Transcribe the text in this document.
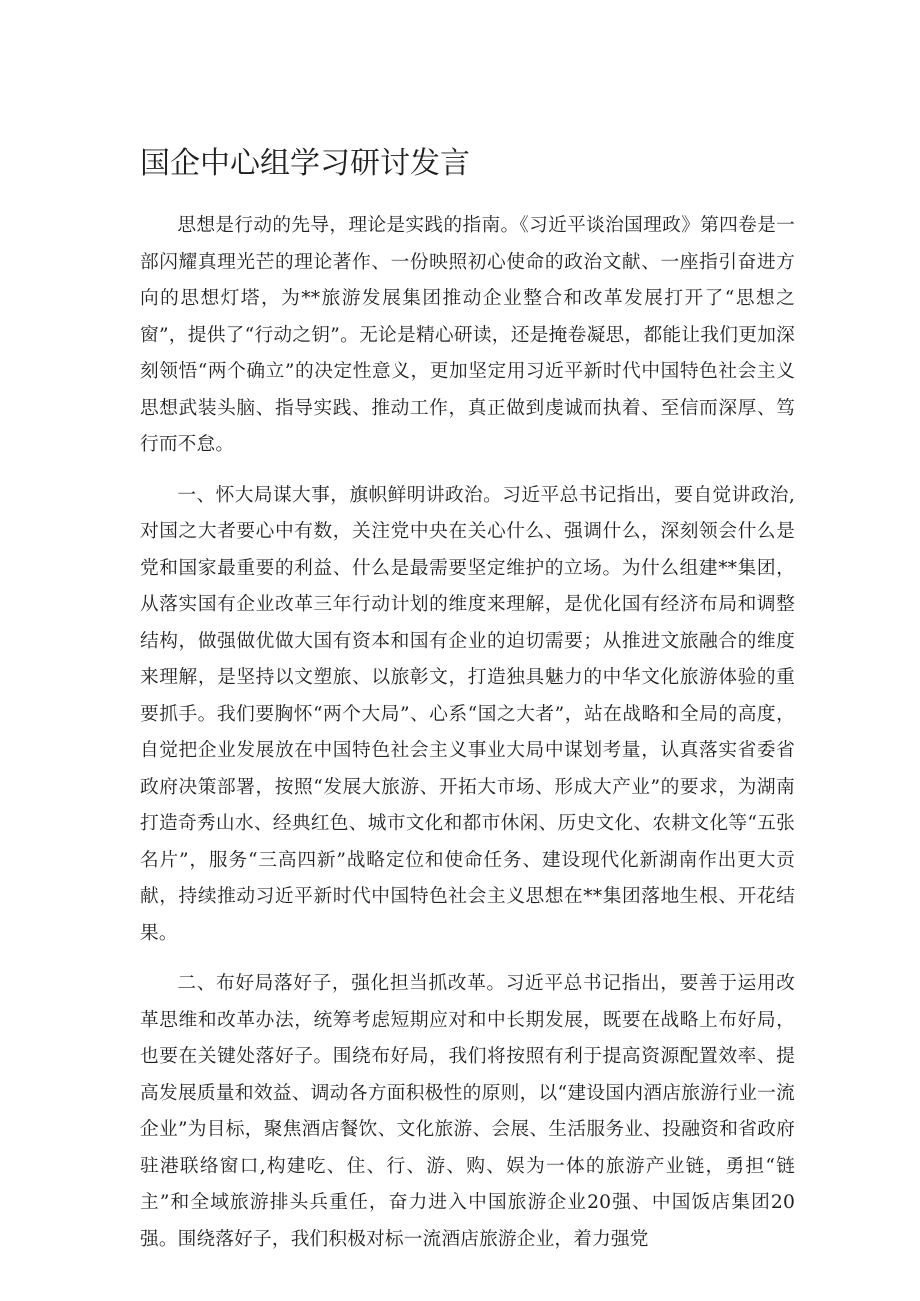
国企中心组学习研讨发言

思想是行动的先导，理论是实践的指南。《习近平谈治国理政》第四卷是一部闪耀真理光芒的理论著作、一份映照初心使命的政治文献、一座指引奋进方向的思想灯塔，为**旅游发展集团推动企业整合和改革发展打开了“思想之窗”，提供了“行动之钥”。无论是精心研读，还是掩卷凝思，都能让我们更加深刻领悟“两个确立”的决定性意义，更加坚定用习近平新时代中国特色社会主义思想武装头脑、指导实践、推动工作，真正做到虔诚而执着、至信而深厚、笃行而不怠。

一、怀大局谋大事，旗帜鲜明讲政治。习近平总书记指出，要自觉讲政治,对国之大者要心中有数，关注党中央在关心什么、强调什么，深刻领会什么是党和国家最重要的利益、什么是最需要坚定维护的立场。为什么组建**集团，从落实国有企业改革三年行动计划的维度来理解，是优化国有经济布局和调整结构，做强做优做大国有资本和国有企业的迫切需要；从推进文旅融合的维度来理解，是坚持以文塑旅、以旅彰文，打造独具魅力的中华文化旅游体验的重要抓手。我们要胸怀“两个大局”、心系“国之大者”，站在战略和全局的高度，自觉把企业发展放在中国特色社会主义事业大局中谋划考量，认真落实省委省政府决策部署，按照“发展大旅游、开拓大市场、形成大产业”的要求，为湖南打造奇秀山水、经典红色、城市文化和都市休闲、历史文化、农耕文化等“五张名片”，服务“三高四新”战略定位和使命任务、建设现代化新湖南作出更大贡献，持续推动习近平新时代中国特色社会主义思想在**集团落地生根、开花结果。

二、布好局落好子，强化担当抓改革。习近平总书记指出，要善于运用改革思维和改革办法，统筹考虑短期应对和中长期发展，既要在战略上布好局，也要在关键处落好子。围绕布好局，我们将按照有利于提高资源配置效率、提高发展质量和效益、调动各方面积极性的原则，以“建设国内酒店旅游行业一流企业”为目标，聚焦酒店餐饮、文化旅游、会展、生活服务业、投融资和省政府驻港联络窗口,构建吃、住、行、游、购、娱为一体的旅游产业链，勇担“链主”和全域旅游排头兵重任，奋力进入中国旅游企业20强、中国饭店集团20强。围绕落好子，我们积极对标一流酒店旅游企业，着力强党
